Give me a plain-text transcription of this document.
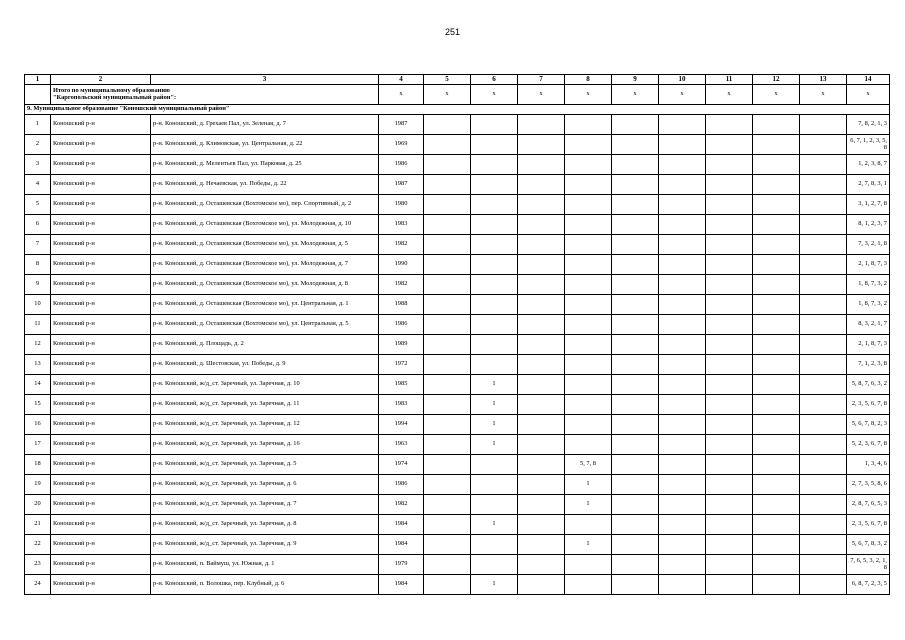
251
1	2	3	4	5	6	7	8	9	10	11	12	13	14

	Итого по муниципальному образованию
"Каргопольский муниципальный район":		x	x	x	x	x	x	x	x	x	x	x
9. Муниципальное образование "Коношский муниципальный район"													
1	Коношский р-н	р-н. Коношский, д. Грехаев Пал, ул. Зеленая, д. 7	1987										7, 8, 2, 1, 3
2	Коношский р-н	р-н. Коношский, д. Климовская, ул. Центральная, д. 22	1969										6, 7, 1, 2, 3, 5, 8
3	Коношский р-н	р-н. Коношский, д. Мелентьев Пал, ул. Парковая, д. 25	1986										1, 2, 3, 8, 7
4	Коношский р-н	р-н. Коношский, д. Нечаевская, ул. Победы, д. 22	1987										2, 7, 8, 3, 1
5	Коношский р-н	р-н. Коношский, д. Осташевская (Вохтомское мо), пер. Спортивный, д. 2	1980										3, 1, 2, 7, 8
6	Коношский р-н	р-н. Коношский, д. Осташевская (Вохтомское мо), ул. Молодежная, д. 10	1983										8, 1, 2, 3, 7
7	Коношский р-н	р-н. Коношский, д. Осташевская (Вохтомское мо), ул. Молодежная, д. 5	1982										7, 3, 2, 1, 8
8	Коношский р-н	р-н. Коношский, д. Осташевская (Вохтомское мо), ул. Молодежная, д. 7	1990										2, 1, 8, 7, 3
9	Коношский р-н	р-н. Коношский, д. Осташевская (Вохтомское мо), ул. Молодежная, д. 8	1982										1, 8, 7, 3, 2
10	Коношский р-н	р-н. Коношский, д. Осташевская (Вохтомское мо), ул. Центральная, д. 1	1988										1, 8, 7, 3, 2
11	Коношский р-н	р-н. Коношский, д. Осташевская (Вохтомское мо), ул. Центральная, д. 5	1986										8, 3, 2, 1, 7
12	Коношский р-н	р-н. Коношский, д. Площадь, д. 2	1989										2, 1, 8, 7, 3
13	Коношский р-н	р-н. Коношский, д. Шестовская, ул. Победы, д. 9	1972										7, 1, 2, 3, 8
14	Коношский р-н	р-н. Коношский, ж/д_ст. Заречный, ул. Заречная, д. 10	1985		1								5, 8, 7, 6, 3, 2
15	Коношский р-н	р-н. Коношский, ж/д_ст. Заречный, ул. Заречная, д. 11	1983		1								2, 3, 5, 6, 7, 8
16	Коношский р-н	р-н. Коношский, ж/д_ст. Заречный, ул. Заречная, д. 12	1994		1								5, 6, 7, 8, 2, 3
17	Коношский р-н	р-н. Коношский, ж/д_ст. Заречный, ул. Заречная, д. 16	1963		1								5, 2, 3, 6, 7, 8
18	Коношский р-н	р-н. Коношский, ж/д_ст. Заречный, ул. Заречная, д. 5	1974				5, 7, 8						1, 3, 4, 6
19	Коношский р-н	р-н. Коношский, ж/д_ст. Заречный, ул. Заречная, д. 6	1986				1						2, 7, 3, 5, 8, 6
20	Коношский р-н	р-н. Коношский, ж/д_ст. Заречный, ул. Заречная, д. 7	1982				1						2, 8, 7, 6, 5, 3
21	Коношский р-н	р-н. Коношский, ж/д_ст. Заречный, ул. Заречная, д. 8	1984		1								2, 3, 5, 6, 7, 8
22	Коношский р-н	р-н. Коношский, ж/д_ст. Заречный, ул. Заречная, д. 9	1984				1						5, 6, 7, 8, 3, 2
23	Коношский р-н	р-н. Коношский, п. Ваймуш, ул. Южная, д. 1	1979										7, 6, 5, 3, 2, 1, 8
24	Коношский р-н	р-н. Коношский, п. Волошка, пер. Клубный, д. 6	1984		1								6, 8, 7, 2, 3, 5
